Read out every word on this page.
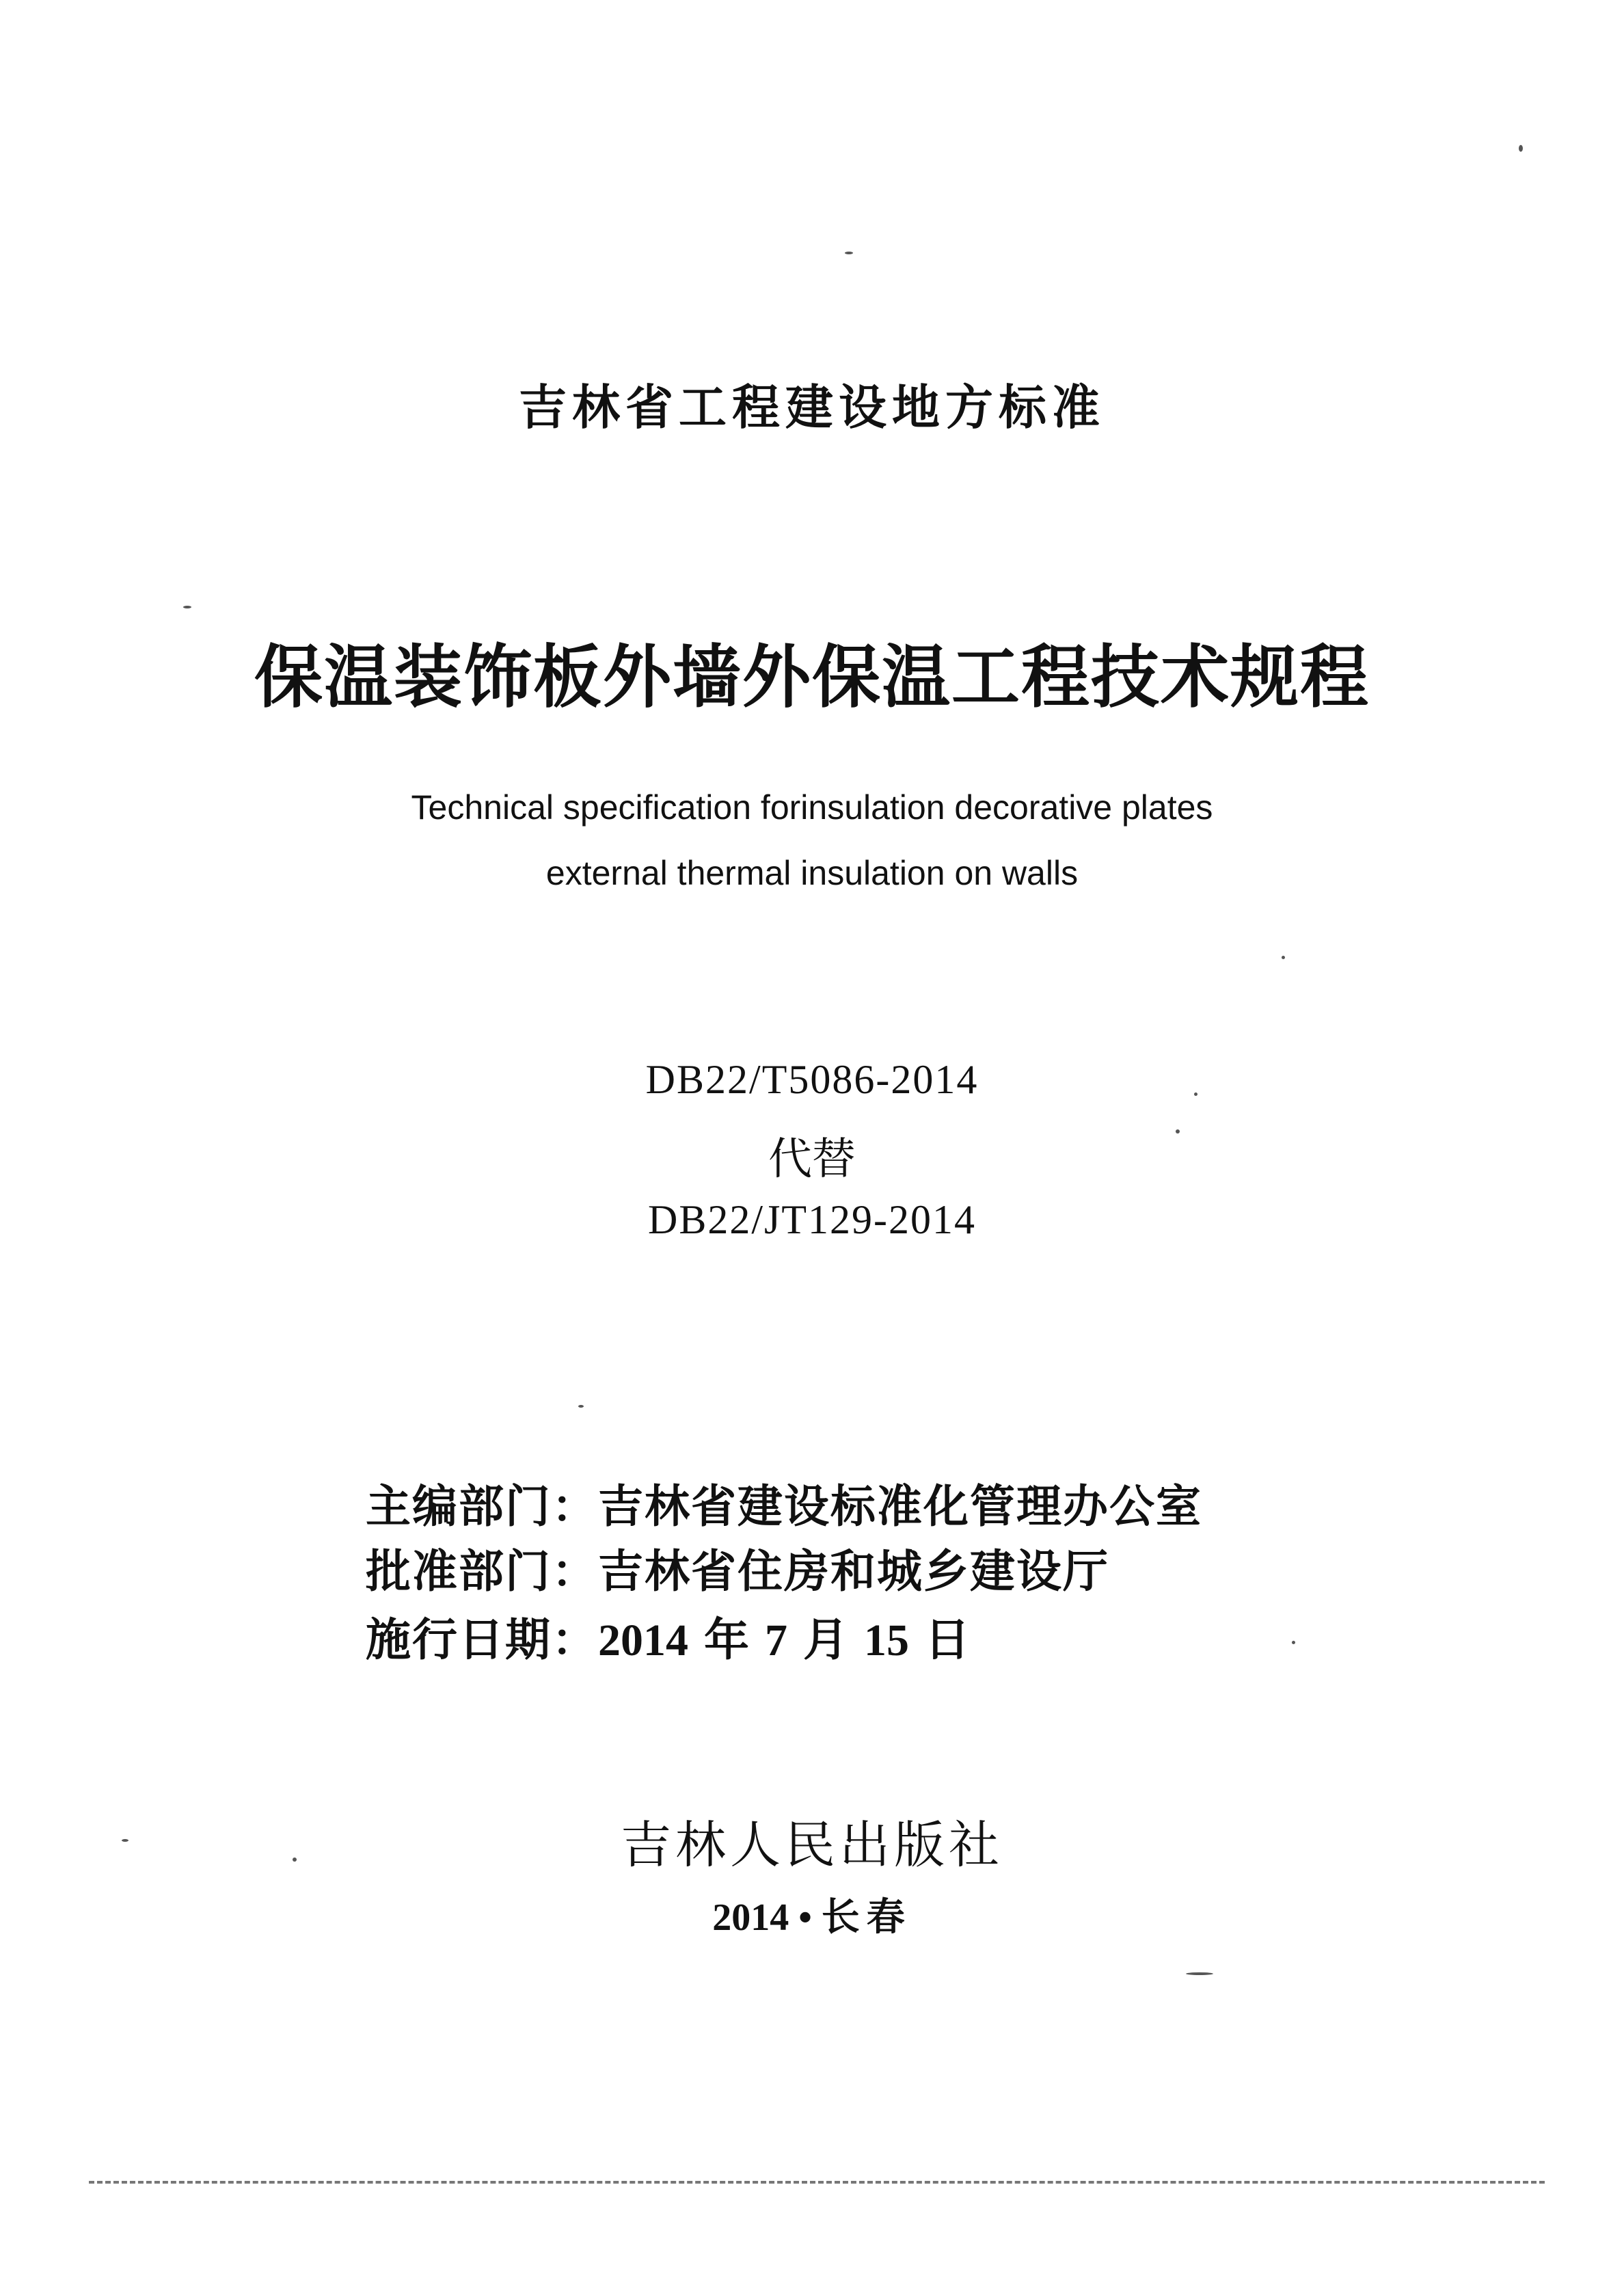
吉林省工程建设地方标准
保温装饰板外墙外保温工程技术规程
Technical specification forinsulation decorative plates
external thermal insulation on walls
DB22/T5086-2014
代替
DB22/JT129-2014
主编部门：吉林省建设标准化管理办公室
批准部门：吉林省住房和城乡建设厅
施行日期：2014 年 7 月 15 日
吉林人民出版社
2014 • 长春
